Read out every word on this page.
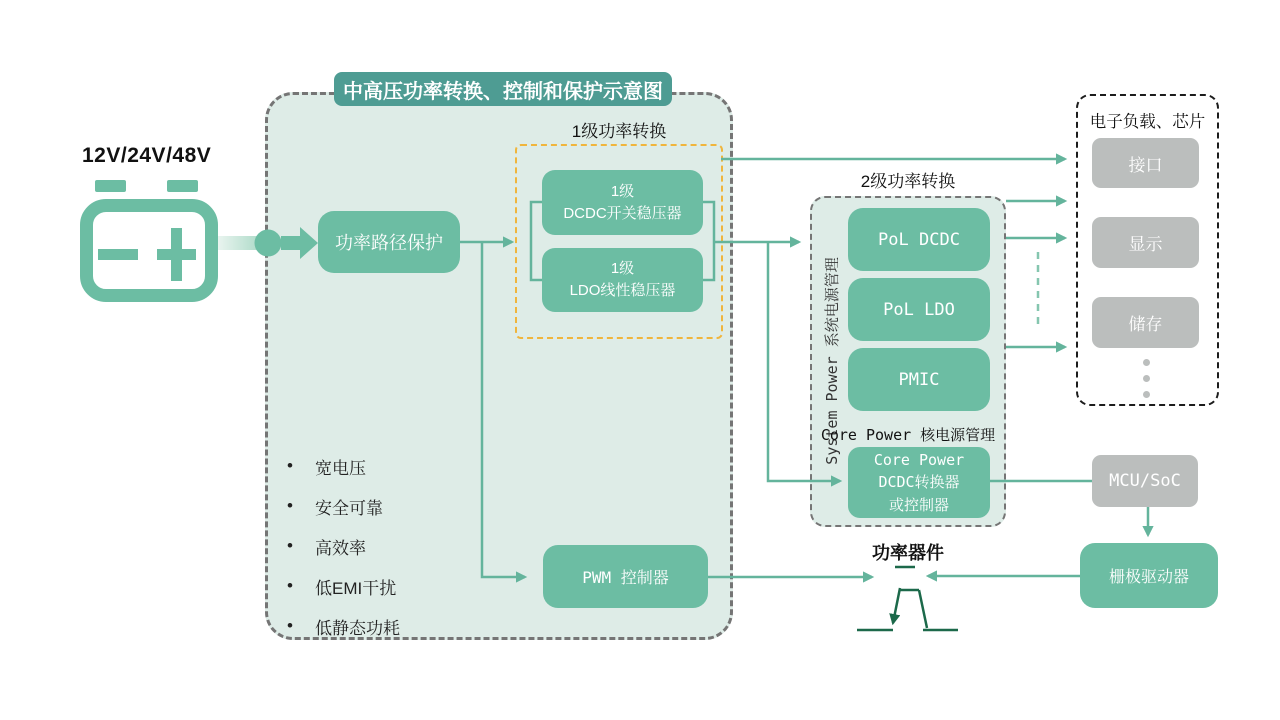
中高压功率转换、控制和保护示意图
12V/24V/48V
功率路径保护
1级功率转换
1级
DCDC开关稳压器
1级
LDO线性稳压器
• 宽电压
• 安全可靠
• 高效率
• 低EMI干扰
• 低静态功耗
PWM 控制器
2级功率转换
System Power 系统电源管理
PoL DCDC
PoL LDO
PMIC
Core Power 核电源管理
Core Power
DCDC转换器
或控制器
电子负载、芯片
接口
显示
储存
MCU/SoC
栅极驱动器
功率器件
